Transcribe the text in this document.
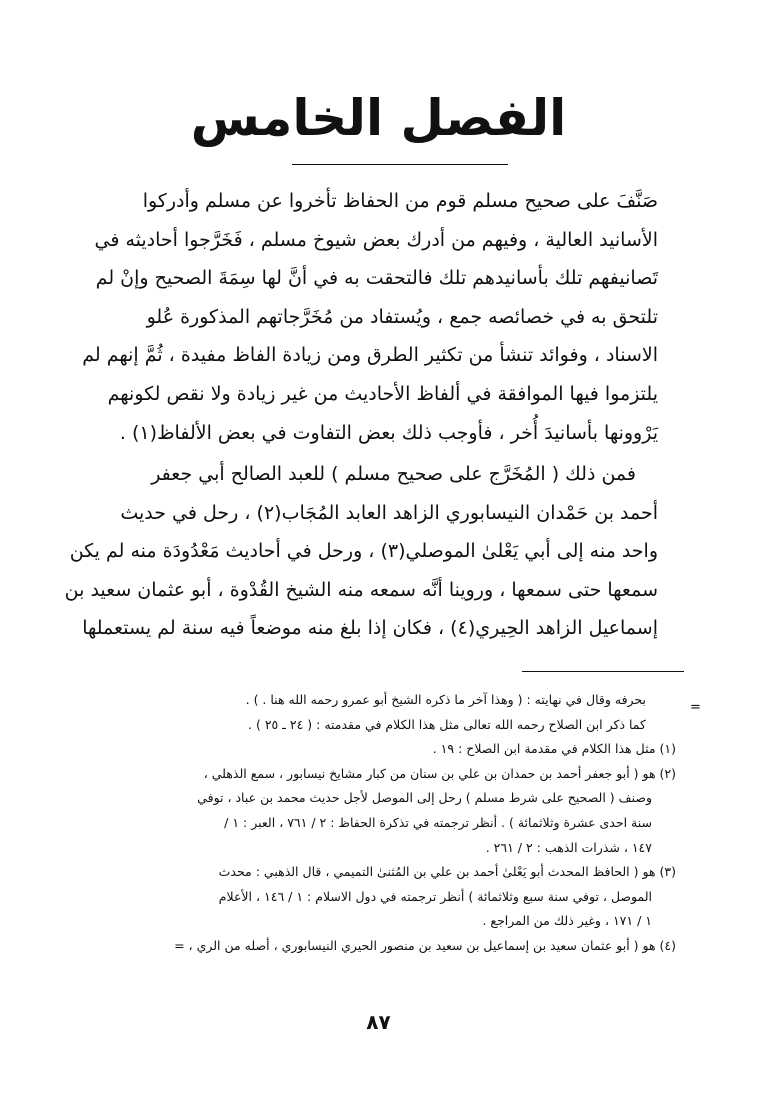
الفصل الخامس
صَنَّفَ على صحيح مسلم قوم من الحفاظ تأخروا عن مسلم وأدركوا
الأسانيد العالية ، وفيهم من أدرك بعض شيوخ مسلم ، فَخَرَّجوا أحاديثه في
تَصانيفهم تلك بأسانيدهم تلك فالتحقت به في أنَّ لها سِمَةَ الصحيح وإنْ لم
تلتحق به في خصائصه جمع ، ويُستفاد من مُخَرَّجاتهم المذكورة عُلو
الاسناد ، وفوائد تنشأ من تكثير الطرق ومن زيادة الفاظ مفيدة ، ثُمَّ إنهم لم
يلتزموا فيها الموافقة في ألفاظ الأحاديث من غير زيادة ولا نقص لكونهم
يَرْوونها بأسانيدَ أُخر ، فأوجب ذلك بعض التفاوت في بعض الألفاظ(١) .
فمن ذلك ( المُخَرَّج على صحيح مسلم ) للعبد الصالح أبي جعفر
أحمد بن حَمْدان النيسابوري الزاهد العابد المُجَاب(٢) ، رحل في حديث
واحد منه إلى أبي يَعْلىٰ الموصلي(٣) ، ورحل في أحاديث مَعْدُودَة منه لم يكن
سمعها حتى سمعها ، وروينا أنَّه سمعه منه الشيخ القُدْوة ، أبو عثمان سعيد بن
إسماعيل الزاهد الحِيري(٤) ، فكان إذا بلغ منه موضعاً فيه سنة لم يستعملها
=
بحرفه وقال في نهايته : ( وهذا آخر ما ذكره الشيخ أبو عمرو رحمه الله هنا . ) .
كما ذكر ابن الصلاح رحمه الله تعالى مثل هذا الكلام في مقدمته : ( ٢٤ ـ ٢٥ ) .
(١) مثل هذا الكلام في مقدمة ابن الصلاح : ١٩ .
(٢) هو ( أبو جعفر أحمد بن حمدان بن علي بن سنان من كبار مشايخ نيسابور ، سمع الذهلي ،
وصنف ( الصحيح على شرط مسلم ) رحل إلى الموصل لأجل حديث محمد بن عباد ، توفي
سنة احدى عشرة وثلاثمائة ) . أنظر ترجمته في تذكرة الحفاظ : ٢ / ٧٦١ ، العبر : ١ /
١٤٧ ، شذرات الذهب : ٢ / ٢٦١ .
(٣) هو ( الحافظ المحدث أبو يَعْلىٰ أحمد بن علي بن المُثنىٰ التميمي ، قال الذهبي : محدث
الموصل ، توفي سنة سبع وثلاثمائة ) أنظر ترجمته في دول الاسلام : ١ / ١٤٦ ، الأعلام
١ / ١٧١ ، وغير ذلك من المراجع .
(٤) هو ( أبو عثمان سعيد بن إسماعيل بن سعيد بن منصور الحيري النيسابوري ، أصله من الري ، =
٨٧
